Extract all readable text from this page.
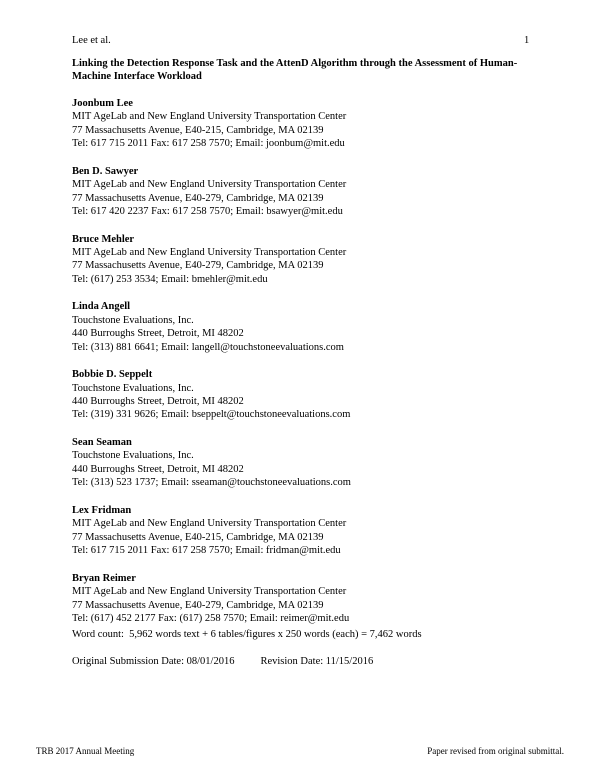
Lee et al.	1
Linking the Detection Response Task and the AttenD Algorithm through the Assessment of Human-Machine Interface Workload
Joonbum Lee
MIT AgeLab and New England University Transportation Center
77 Massachusetts Avenue, E40-215, Cambridge, MA 02139
Tel: 617 715 2011 Fax: 617 258 7570; Email: joonbum@mit.edu
Ben D. Sawyer
MIT AgeLab and New England University Transportation Center
77 Massachusetts Avenue, E40-279, Cambridge, MA 02139
Tel: 617 420 2237 Fax: 617 258 7570; Email: bsawyer@mit.edu
Bruce Mehler
MIT AgeLab and New England University Transportation Center
77 Massachusetts Avenue, E40-279, Cambridge, MA 02139
Tel: (617) 253 3534; Email: bmehler@mit.edu
Linda Angell
Touchstone Evaluations, Inc.
440 Burroughs Street, Detroit, MI 48202
Tel: (313) 881 6641; Email: langell@touchstoneevaluations.com
Bobbie D. Seppelt
Touchstone Evaluations, Inc.
440 Burroughs Street, Detroit, MI 48202
Tel: (319) 331 9626; Email: bseppelt@touchstoneevaluations.com
Sean Seaman
Touchstone Evaluations, Inc.
440 Burroughs Street, Detroit, MI 48202
Tel: (313) 523 1737; Email: sseaman@touchstoneevaluations.com
Lex Fridman
MIT AgeLab and New England University Transportation Center
77 Massachusetts Avenue, E40-215, Cambridge, MA 02139
Tel: 617 715 2011 Fax: 617 258 7570; Email: fridman@mit.edu
Bryan Reimer
MIT AgeLab and New England University Transportation Center
77 Massachusetts Avenue, E40-279, Cambridge, MA 02139
Tel: (617) 452 2177 Fax: (617) 258 7570; Email: reimer@mit.edu
Word count:  5,962 words text + 6 tables/figures x 250 words (each) = 7,462 words
Original Submission Date: 08/01/2016 Revision Date: 11/15/2016
TRB 2017 Annual Meeting	Paper revised from original submittal.
